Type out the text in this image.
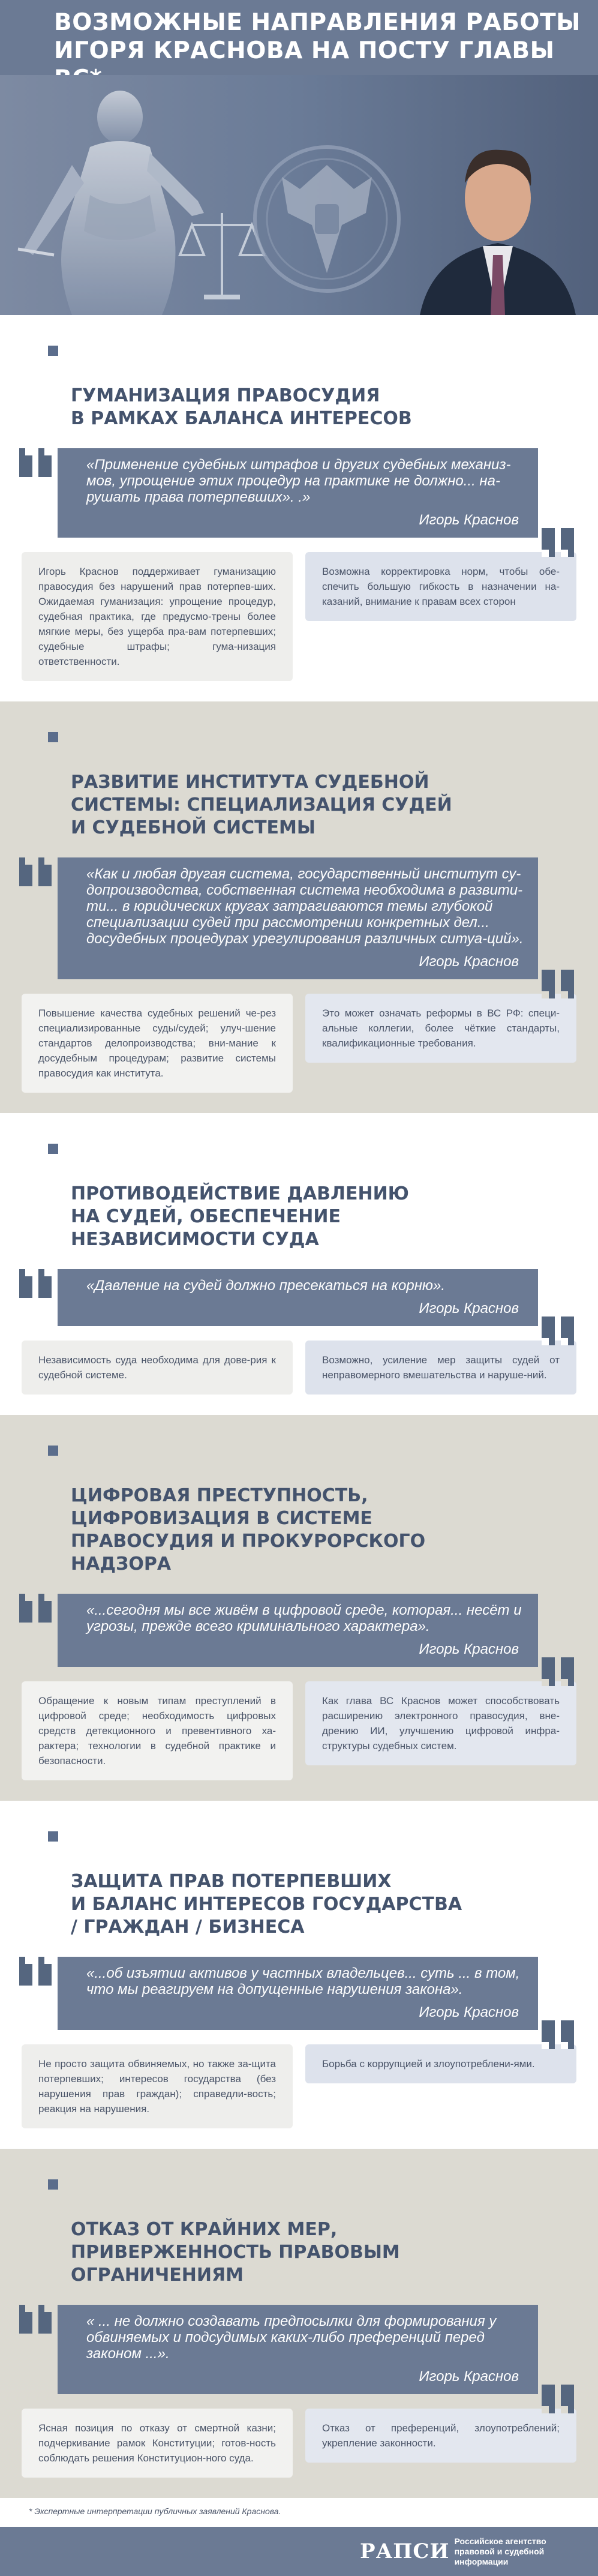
ВОЗМОЖНЫЕ НАПРАВЛЕНИЯ РАБОТЫ
ИГОРЯ КРАСНОВА НА ПОСТУ ГЛАВЫ

ГУМАНИЗАЦИЯ ПРАВОСУДИЯ
В РАМКАХ БАЛАНСА ИНТЕРЕСОВ

«Применение судебных штрафов и других судебных механиз-мов, упрощение этих процедур на практике не должно... на-рушать права потерпевших». .»
Игорь Краснов
Игорь Краснов поддерживает гуманизацию правосудия без нарушений прав потерпев-ших. Ожидаемая гуманизация: упрощение процедур, судебная практика, где предусмо-трены более мягкие меры, без ущерба пра-вам потерпевших; судебные штрафы; гума-низация ответственности.
Возможна корректировка норм, чтобы обе-спечить большую гибкость в назначении на-казаний, внимание к правам всех сторон

РАЗВИТИЕ ИНСТИТУТА СУДЕБНОЙ
СИСТЕМЫ: СПЕЦИАЛИЗАЦИЯ СУДЕЙ
И СУДЕБНОЙ СИСТЕМЫ

«Как и любая другая система, государственный институт су-допроизводства, собственная система необходима в развити-ти... в юридических кругах затрагиваются темы глубокой специализации судей при рассмотрении конкретных дел... досудебных процедурах урегулирования различных ситуа-ций».
Игорь Краснов
Повышение качества судебных решений че-рез специализированные суды/судей; улуч-шение стандартов делопроизводства; вни-мание к досудебным процедурам; развитие системы правосудия как института.
Это может означать реформы в ВС РФ: специ-альные коллегии, более чёткие стандарты, квалификационные требования.

ПРОТИВОДЕЙСТВИЕ ДАВЛЕНИЮ
НА СУДЕЙ, ОБЕСПЕЧЕНИЕ
НЕЗАВИСИМОСТИ СУДА

«Давление на судей должно пресекаться на корню».
Игорь Краснов
Независимость суда необходима для дове-рия к судебной системе.
Возможно, усиление мер защиты судей от неправомерного вмешательства и наруше-ний.

ЦИФРОВАЯ ПРЕСТУПНОСТЬ,
ЦИФРОВИЗАЦИЯ В СИСТЕМЕ
ПРАВОСУДИЯ И ПРОКУРОРСКОГО
НАДЗОРА

«...сегодня мы все живём в цифровой среде, которая... несёт и угрозы, прежде всего криминального характера».
Игорь Краснов
Обращение к новым типам преступлений в цифровой среде; необходимость цифровых средств детекционного и превентивного ха-рактера; технологии в судебной практике и безопасности.
Как глава ВС Краснов может способствовать расширению электронного правосудия, вне-дрению ИИ, улучшению цифровой инфра-структуры судебных систем.

ЗАЩИТА ПРАВ ПОТЕРПЕВШИХ
И БАЛАНС ИНТЕРЕСОВ ГОСУДАРСТВА
/ ГРАЖДАН / БИЗНЕСА

«...об изъятии активов у частных владельцев... суть ... в том, что мы реагируем на допущенные нарушения закона».
Игорь Краснов
Не просто защита обвиняемых, но также за-щита потерпевших; интересов государства (без нарушения прав граждан); справедли-вость; реакция на нарушения.
Борьба с коррупцией и злоупотреблени-ями.

ОТКАЗ ОТ КРАЙНИХ МЕР,
ПРИВЕРЖЕННОСТЬ ПРАВОВЫМ
ОГРАНИЧЕНИЯМ

« ... не должно создавать предпосылки для формирования у обвиняемых и подсудимых каких-либо преференций перед законом ...».
Игорь Краснов
Ясная позиция по отказу от смертной казни; подчеркивание рамок Конституции; готов-ность соблюдать решения Конституцион-ного суда.
Отказ от преференций, злоупотреблений; укрепление законности.
* Экспертные интерпретации публичных заявлений Краснова.
РАПСИ Российское агентство
правовой и судебной информации
